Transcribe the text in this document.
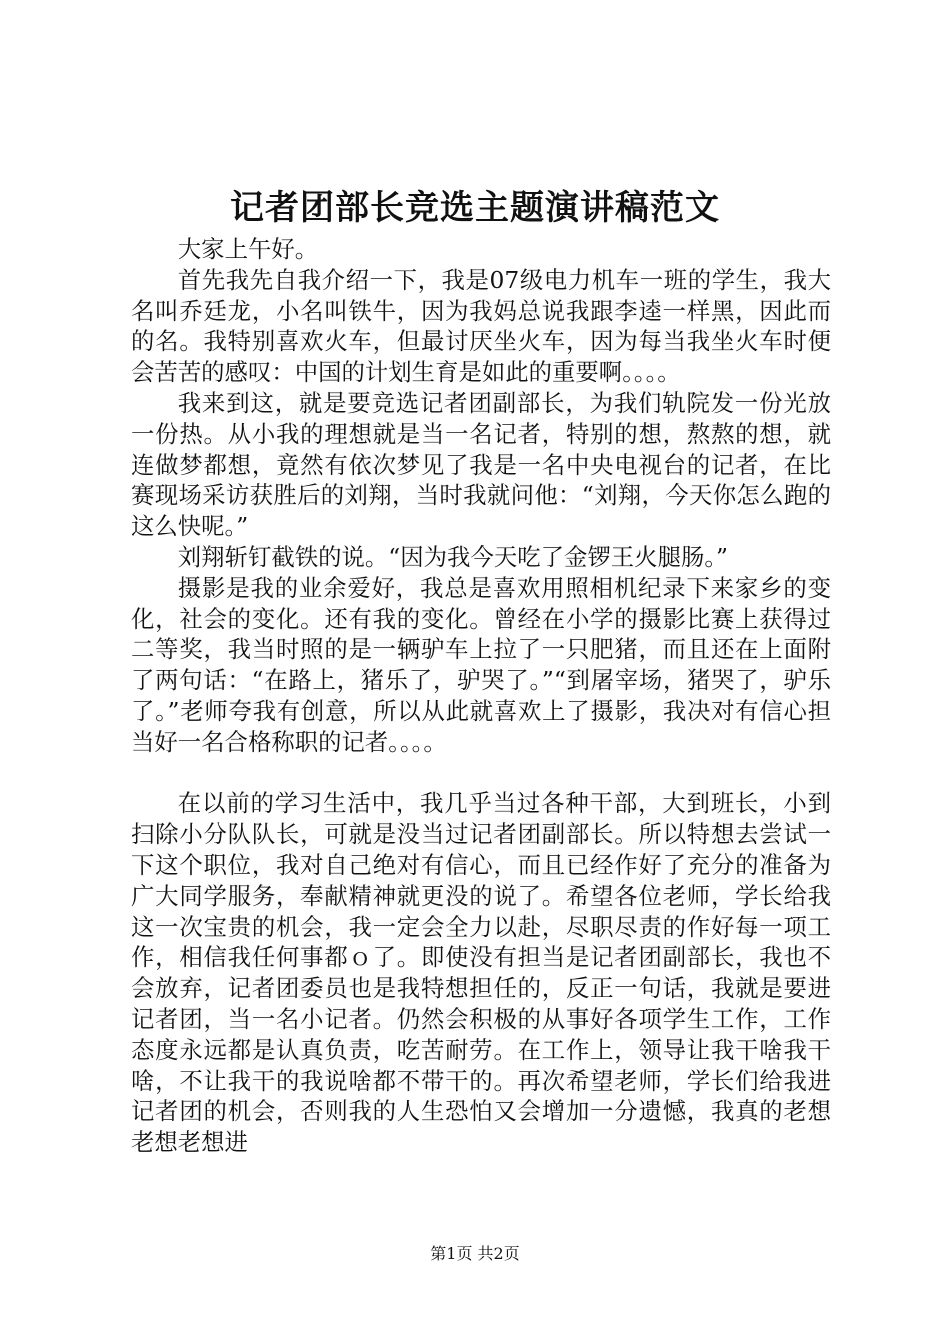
记者团部长竞选主题演讲稿范文

大家上午好。

首先我先自我介绍一下，我是07级电力机车一班的学生，我大名叫乔廷龙，小名叫铁牛，因为我妈总说我跟李逵一样黑，因此而的名。我特别喜欢火车，但最讨厌坐火车，因为每当我坐火车时便会苦苦的感叹：中国的计划生育是如此的重要啊。。。。

我来到这，就是要竞选记者团副部长，为我们轨院发一份光放一份热。从小我的理想就是当一名记者，特别的想，熬熬的想，就连做梦都想，竟然有依次梦见了我是一名中央电视台的记者，在比赛现场采访获胜后的刘翔，当时我就问他：“刘翔，今天你怎么跑的这么快呢。”

刘翔斩钉截铁的说。“因为我今天吃了金锣王火腿肠。”

摄影是我的业余爱好，我总是喜欢用照相机纪录下来家乡的变化，社会的变化。还有我的变化。曾经在小学的摄影比赛上获得过二等奖，我当时照的是一辆驴车上拉了一只肥猪，而且还在上面附了两句话：“在路上，猪乐了，驴哭了。”“到屠宰场，猪哭了，驴乐了。”老师夸我有创意，所以从此就喜欢上了摄影，我决对有信心担当好一名合格称职的记者。。。。

在以前的学习生活中，我几乎当过各种干部，大到班长，小到扫除小分队队长，可就是没当过记者团副部长。所以特想去尝试一下这个职位，我对自己绝对有信心，而且已经作好了充分的准备为广大同学服务，奉献精神就更没的说了。希望各位老师，学长给我这一次宝贵的机会，我一定会全力以赴，尽职尽责的作好每一项工作，相信我任何事都ｏ了。即使没有担当是记者团副部长，我也不会放弃，记者团委员也是我特想担任的，反正一句话，我就是要进记者团，当一名小记者。仍然会积极的从事好各项学生工作，工作态度永远都是认真负责，吃苦耐劳。在工作上，领导让我干啥我干啥，不让我干的我说啥都不带干的。再次希望老师，学长们给我进记者团的机会，否则我的人生恐怕又会增加一分遗憾，我真的老想老想老想进

第1页 共2页
